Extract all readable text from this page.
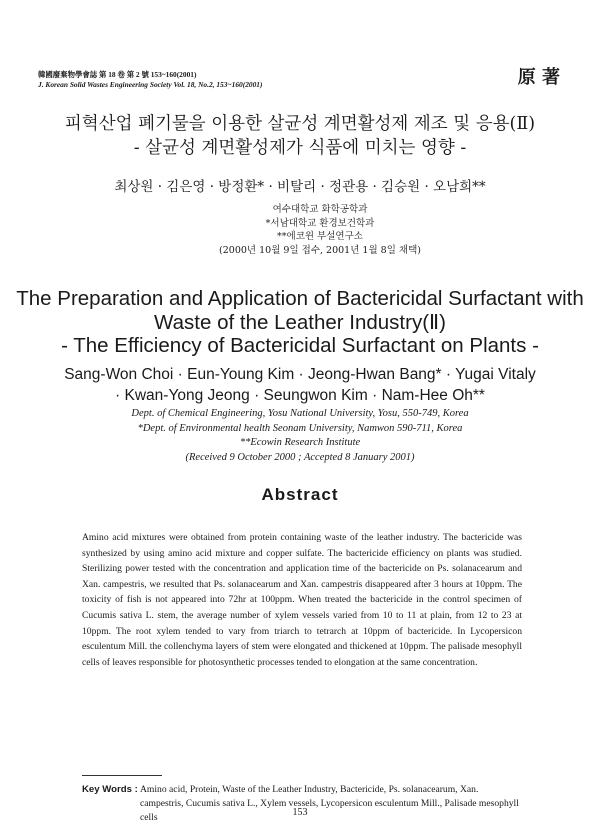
韓國廢棄物學會誌 第 18 卷 第 2 號 153~160(2001)
J. Korean Solid Wastes Engineering Society Vol. 18, No.2, 153~160(2001)	原 著
피혁산업 폐기물을 이용한 살균성 계면활성제 제조 및 응용(Ⅱ)
- 살균성 계면활성제가 식품에 미치는 영향 -
최상원 · 김은영 · 방정환* · 비탈리 · 정관용 · 김승원 · 오남희**
여수대학교 화학공학과
*서남대학교 환경보건학과
**에코윈 부설연구소
(2000년 10월 9일 접수, 2001년 1월 8일 채택)
The Preparation and Application of Bactericidal Surfactant with
Waste of the Leather Industry(Ⅱ)
- The Efficiency of Bactericidal Surfactant on Plants -
Sang-Won Choi · Eun-Young Kim · Jeong-Hwan Bang* · Yugai Vitaly
· Kwan-Yong Jeong · Seungwon Kim · Nam-Hee Oh**
Dept. of Chemical Engineering, Yosu National University, Yosu, 550-749, Korea
*Dept. of Environmental health Seonam University, Namwon 590-711, Korea
**Ecowin Research Institute
(Received 9 October 2000 ; Accepted 8 January 2001)
Abstract
Amino acid mixtures were obtained from protein containing waste of the leather industry. The bactericide was synthesized by using amino acid mixture and copper sulfate. The bactericide efficiency on plants was studied. Sterilizing power tested with the concentration and application time of the bactericide on Ps. solanacearum and Xan. campestris, we resulted that Ps. solanacearum and Xan. campestris disappeared after 3 hours at 10ppm. The toxicity of fish is not appeared into 72hr at 100ppm. When treated the bactericide in the control specimen of Cucumis sativa L. stem, the average number of xylem vessels varied from 10 to 11 at plain, from 12 to 23 at 10ppm. The root xylem tended to vary from triarch to tetrarch at 10ppm of bactericide. In Lycopersicon esculentum Mill. the collenchyma layers of stem were elongated and thickened at 10ppm. The palisade mesophyll cells of leaves responsible for photosynthetic processes tended to elongation at the same concentration.
Key Words : Amino acid, Protein, Waste of the Leather Industry, Bactericide, Ps. solanacearum, Xan. campestris, Cucumis sativa L., Xylem vessels, Lycopersicon esculentum Mill., Palisade mesophyll cells	153
